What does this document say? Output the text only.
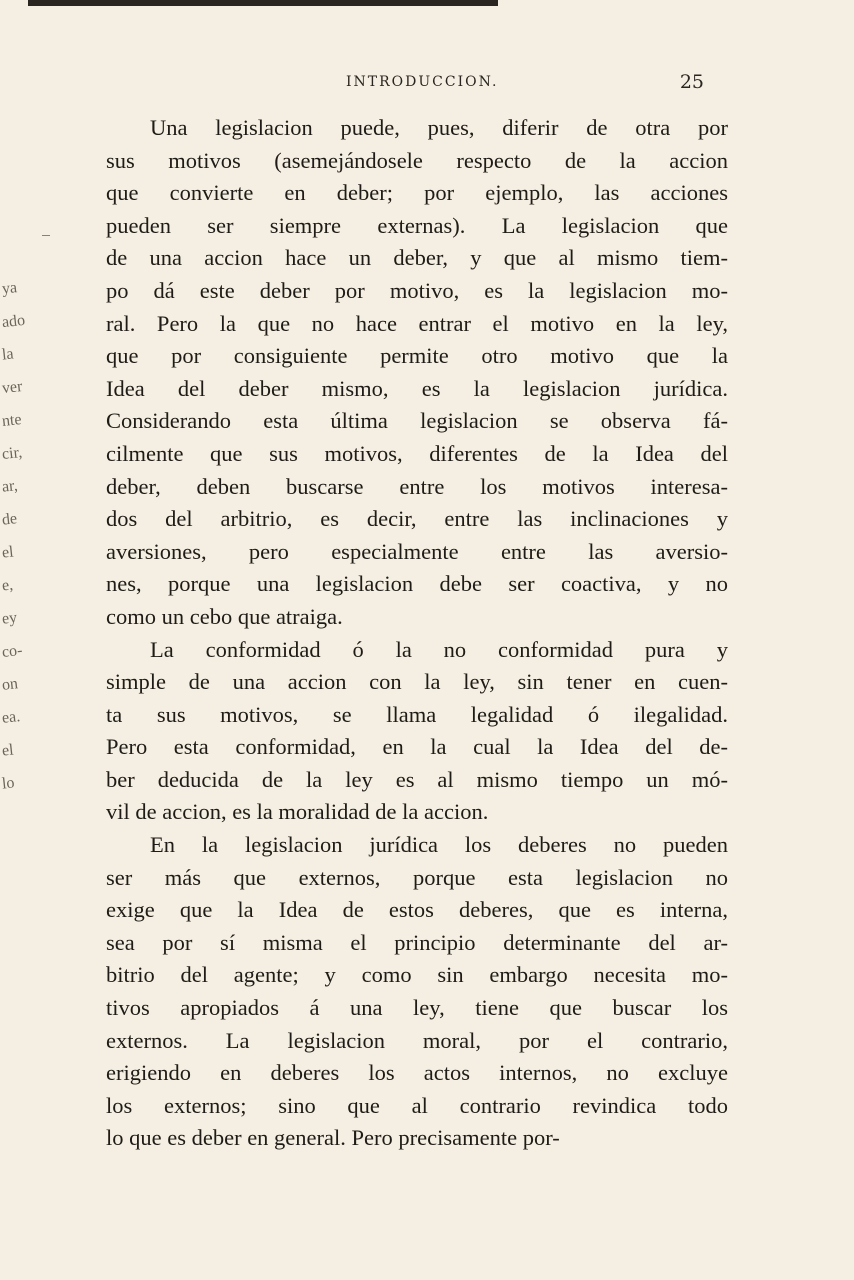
INTRODUCCION.	25
ya
ado
la
ver
nte
cir,
ar,
de
el
e,
ey
co-
on
ea.
el
lo
Una legislacion puede, pues, diferir de otra por
sus motivos (asemejándosele respecto de la accion
que convierte en deber; por ejemplo, las acciones
pueden ser siempre externas). La legislacion que
de una accion hace un deber, y que al mismo tiem-
po dá este deber por motivo, es la legislacion mo-
ral. Pero la que no hace entrar el motivo en la ley,
que por consiguiente permite otro motivo que la
Idea del deber mismo, es la legislacion jurídica.
Considerando esta última legislacion se observa fá-
cilmente que sus motivos, diferentes de la Idea del
deber, deben buscarse entre los motivos interesa-
dos del arbitrio, es decir, entre las inclinaciones y
aversiones, pero especialmente entre las aversio-
nes, porque una legislacion debe ser coactiva, y no
como un cebo que atraiga.
La conformidad ó la no conformidad pura y
simple de una accion con la ley, sin tener en cuen-
ta sus motivos, se llama legalidad ó ilegalidad.
Pero esta conformidad, en la cual la Idea del de-
ber deducida de la ley es al mismo tiempo un mó-
vil de accion, es la moralidad de la accion.
En la legislacion jurídica los deberes no pueden
ser más que externos, porque esta legislacion no
exige que la Idea de estos deberes, que es interna,
sea por sí misma el principio determinante del ar-
bitrio del agente; y como sin embargo necesita mo-
tivos apropiados á una ley, tiene que buscar los
externos. La legislacion moral, por el contrario,
erigiendo en deberes los actos internos, no excluye
los externos; sino que al contrario revindica todo
lo que es deber en general. Pero precisamente por-
